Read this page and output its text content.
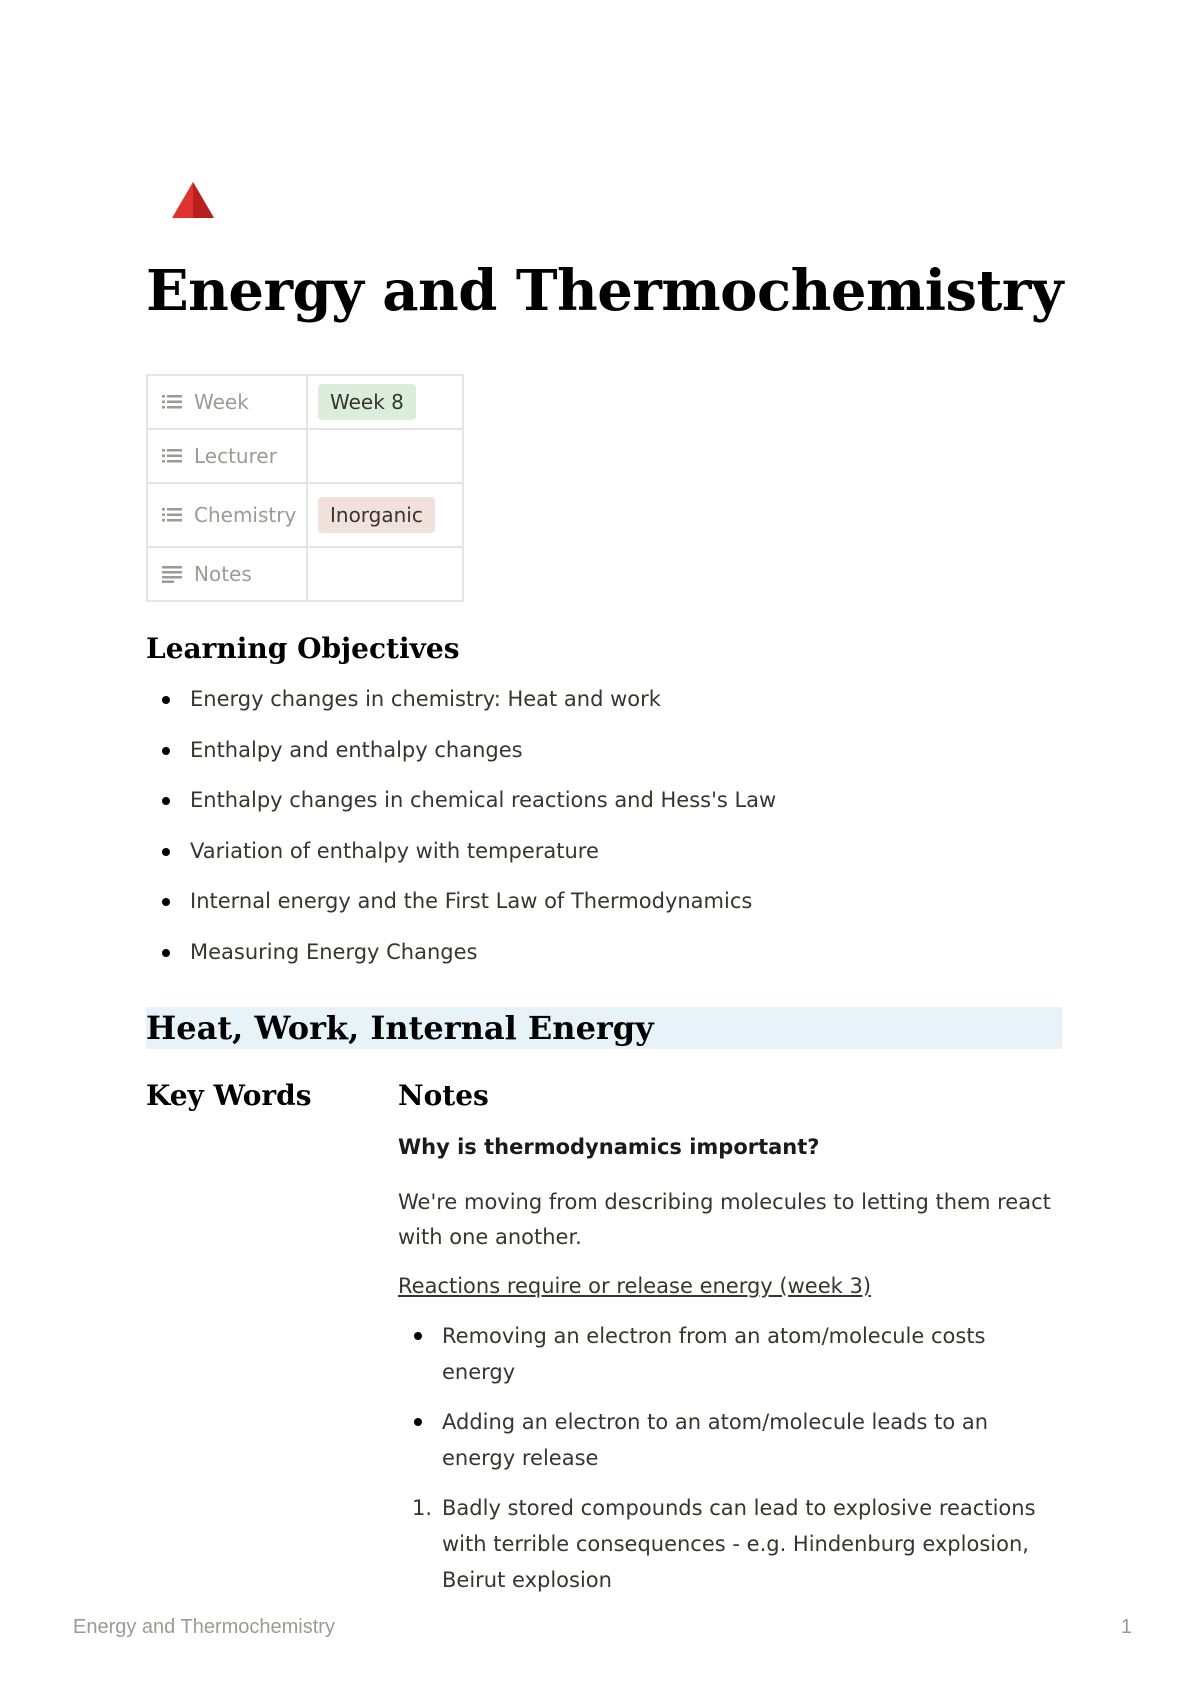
Energy and Thermochemistry
Week	Week 8

Lecturer	

Chemistry	Inorganic

Notes	

Learning Objectives
Energy changes in chemistry: Heat and work
Enthalpy and enthalpy changes
Enthalpy changes in chemical reactions and Hess's Law
Variation of enthalpy with temperature
Internal energy and the First Law of Thermodynamics
Measuring Energy Changes
Heat, Work, Internal Energy
Key Words	Notes

Why is thermodynamics important?

We're moving from describing molecules to letting them react with one another.

Reactions require or release energy (week 3)

Removing an electron from an atom/molecule costs energy
Adding an electron to an atom/molecule leads to an energy release
1. Badly stored compounds can lead to explosive reactions with terrible consequences - e.g. Hindenburg explosion, Beirut explosion
Energy and Thermochemistry	1
